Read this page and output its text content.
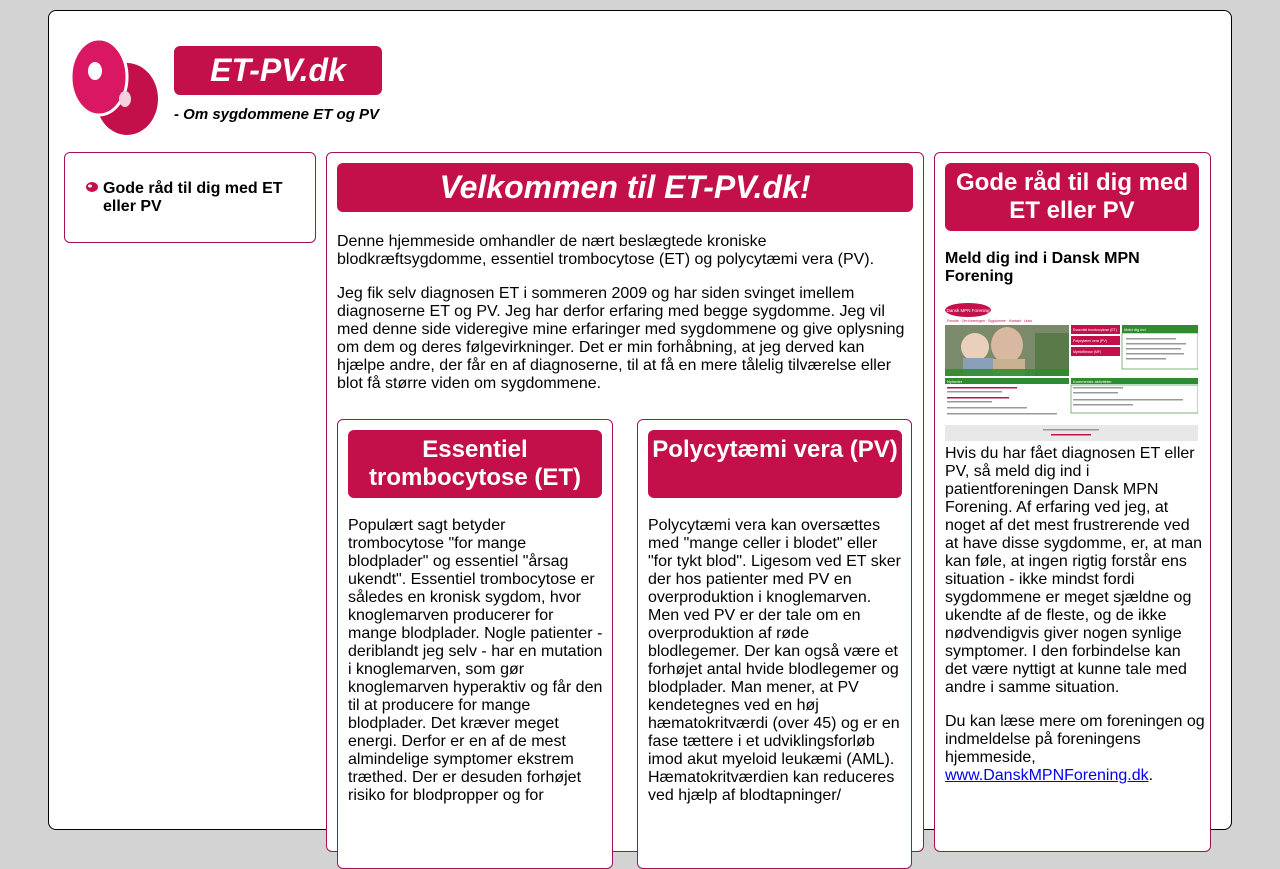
ET-PV.dk
- Om sygdommene ET og PV
Gode råd til dig med ET eller PV
Velkommen til ET-PV.dk!
Denne hjemmeside omhandler de nært beslægtede kroniske blodkræftsygdomme, essentiel trombocytose (ET) og polycytæmi vera (PV).
Jeg fik selv diagnosen ET i sommeren 2009 og har siden svinget imellem diagnoserne ET og PV. Jeg har derfor erfaring med begge sygdomme. Jeg vil med denne side videregive mine erfaringer med sygdommene og give oplysning om dem og deres følgevirkninger. Det er min forhåbning, at jeg derved kan hjælpe andre, der får en af diagnoserne, til at få en mere tålelig tilværelse eller blot få større viden om sygdommene.
Essentiel trombocytose (ET)
Populært sagt betyder trombocytose "for mange blodplader" og essentiel "årsag ukendt". Essentiel trombocytose er således en kronisk sygdom, hvor knoglemarven producerer for mange blodplader. Nogle patienter - deriblandt jeg selv - har en mutation i knoglemarven, som gør knoglemarven hyperaktiv og får den til at producere for mange blodplader. Det kræver meget energi. Derfor er en af de mest almindelige symptomer ekstrem træthed. Der er desuden forhøjet risiko for blodpropper og for
Polycytæmi vera (PV)
Polycytæmi vera kan oversættes med "mange celler i blodet" eller "for tykt blod". Ligesom ved ET sker der hos patienter med PV en overproduktion i knoglemarven. Men ved PV er der tale om en overproduktion af røde blodlegemer. Der kan også være et forhøjet antal hvide blodlegemer og blodplader. Man mener, at PV kendetegnes ved en høj hæmatokritværdi (over 45) og er en fase tættere i et udviklingsforløb imod akut myeloid leukæmi (AML). Hæmatokritværdien kan reduceres ved hjælp af blodtapninger/
Gode råd til dig med ET eller PV
Meld dig ind i Dansk MPN Forening
Dansk MPN Forening
Forside · Om foreningen · Sygdomme · Kontakt · Links
Essentiel trombocytose (ET)
Polycytæmi vera (PV)
Myelofibrose (MF)
Meld dig ind
Nyheder	Kommende aktiviteter
Hvis du har fået diagnosen ET eller PV, så meld dig ind i patientforeningen Dansk MPN Forening. Af erfaring ved jeg, at noget af det mest frustrerende ved at have disse sygdomme, er, at man kan føle, at ingen rigtig forstår ens situation - ikke mindst fordi sygdommene er meget sjældne og ukendte af de fleste, og de ikke nødvendigvis giver nogen synlige symptomer. I den forbindelse kan det være nyttigt at kunne tale med andre i samme situation.
Du kan læse mere om foreningen og indmeldelse på foreningens hjemmeside, www.DanskMPNForening.dk.
